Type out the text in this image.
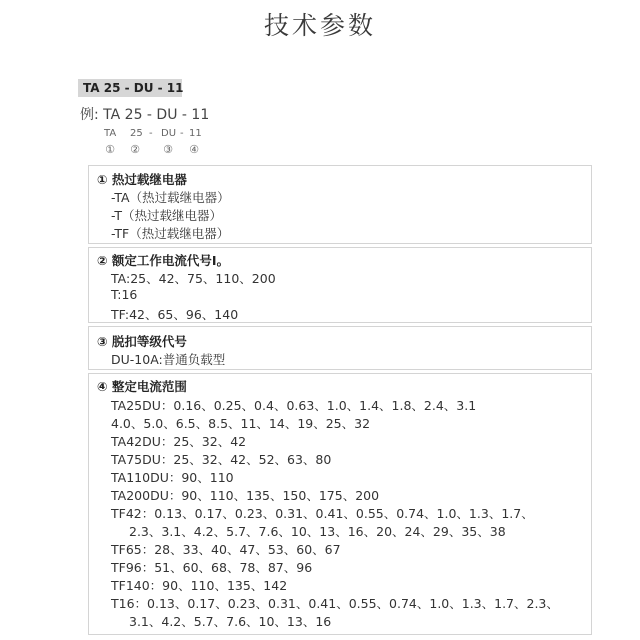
技术参数
TA 25 - DU - 11
例: TA 25 - DU - 11
TA 25 - DU - 11
① ② ③ ④
① 热过载继电器
-TA（热过载继电器）
-T（热过载继电器）
-TF（热过载继电器）
② 额定工作电流代号I。
TA:25、42、75、110、200
T:16
TF:42、65、96、140
③ 脱扣等级代号
DU-10A:普通负载型
④ 整定电流范围
TA25DU：0.16、0.25、0.4、0.63、1.0、1.4、1.8、2.4、3.1
4.0、5.0、6.5、8.5、11、14、19、25、32
TA42DU：25、32、42
TA75DU：25、32、42、52、63、80
TA110DU：90、110
TA200DU：90、110、135、150、175、200
TF42：0.13、0.17、0.23、0.31、0.41、0.55、0.74、1.0、1.3、1.7、
2.3、3.1、4.2、5.7、7.6、10、13、16、20、24、29、35、38
TF65：28、33、40、47、53、60、67
TF96：51、60、68、78、87、96
TF140：90、110、135、142
T16：0.13、0.17、0.23、0.31、0.41、0.55、0.74、1.0、1.3、1.7、2.3、
3.1、4.2、5.7、7.6、10、13、16
